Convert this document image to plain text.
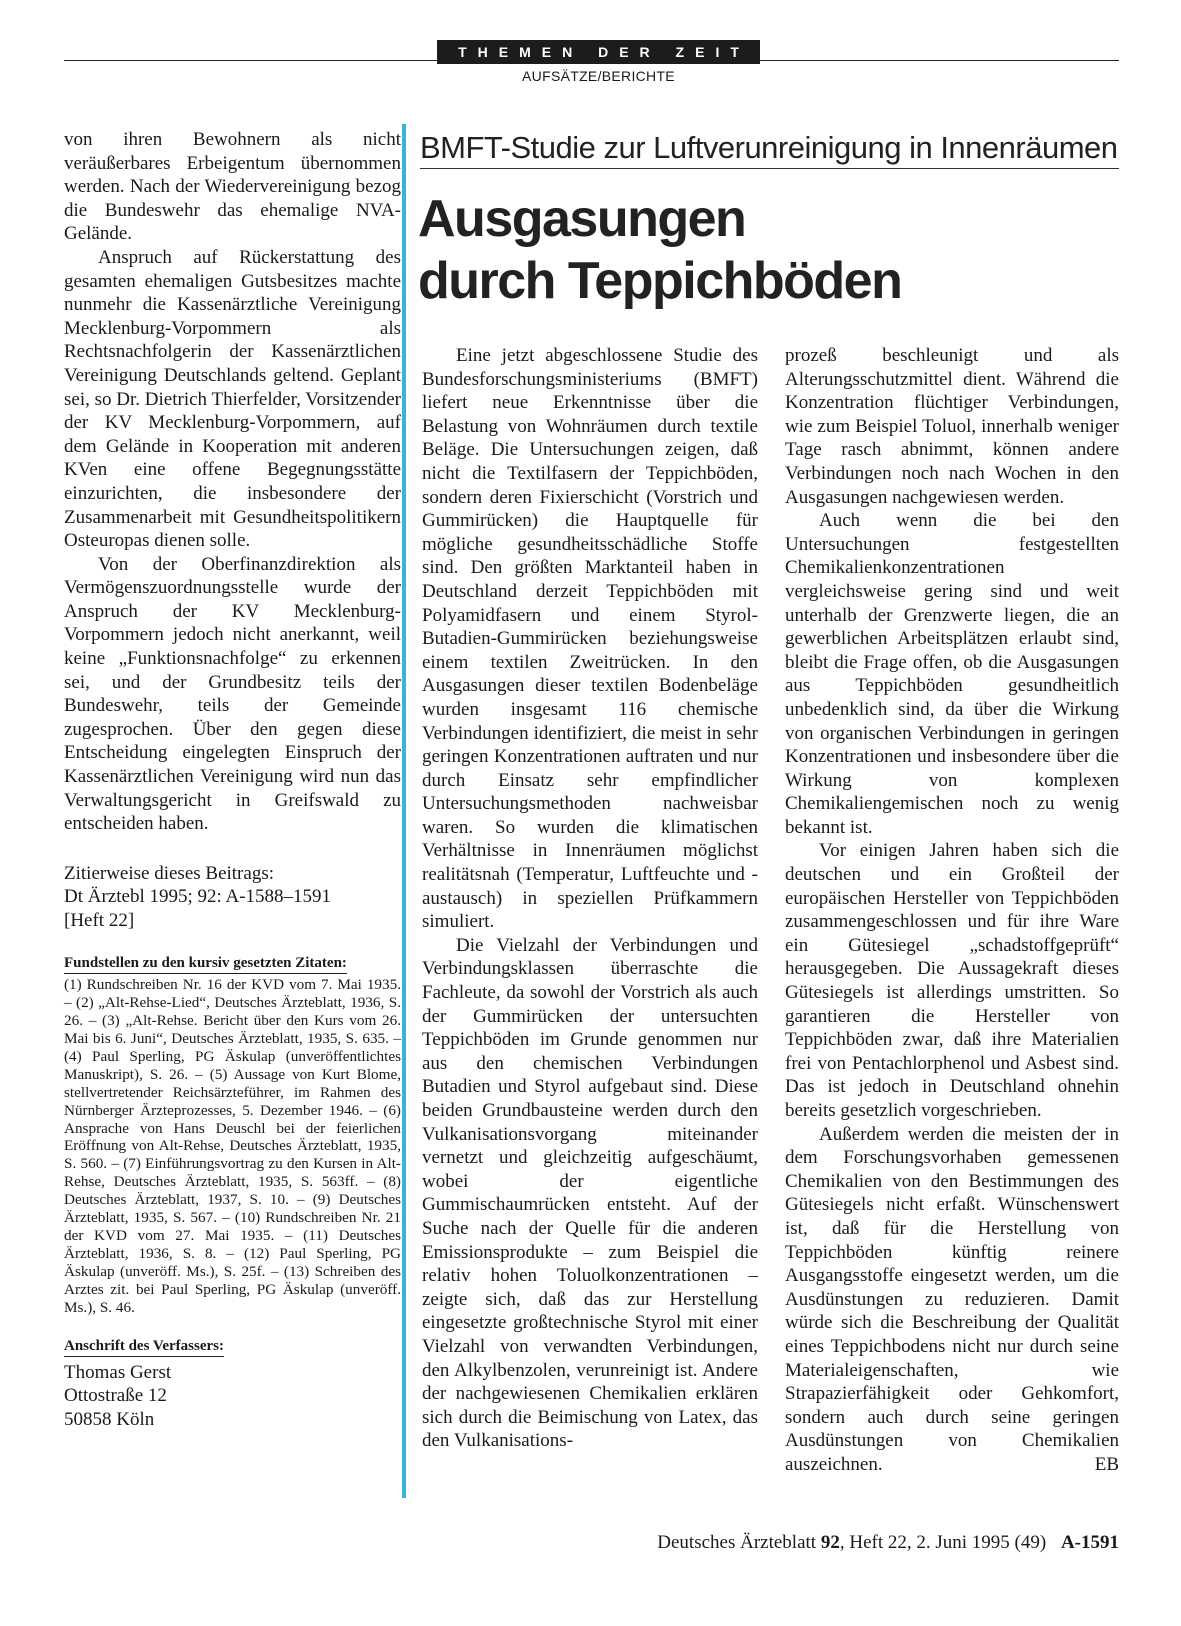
THEMEN DER ZEIT
AUFSÄTZE/BERICHTE

von ihren Bewohnern als nicht veräußerbares Erbeigentum übernommen werden. Nach der Wiedervereinigung bezog die Bundeswehr das ehemalige NVA-Gelände.

Anspruch auf Rückerstattung des gesamten ehemaligen Gutsbesitzes machte nunmehr die Kassenärztliche Vereinigung Mecklenburg-Vorpommern als Rechtsnachfolgerin der Kassenärztlichen Vereinigung Deutschlands geltend. Geplant sei, so Dr. Dietrich Thierfelder, Vorsitzender der KV Mecklenburg-Vorpommern, auf dem Gelände in Kooperation mit anderen KVen eine offene Begegnungsstätte einzurichten, die insbesondere der Zusammenarbeit mit Gesundheitspolitikern Osteuropas dienen solle.

Von der Oberfinanzdirektion als Vermögenszuordnungsstelle wurde der Anspruch der KV Mecklenburg-Vorpommern jedoch nicht anerkannt, weil keine „Funktionsnachfolge“ zu erkennen sei, und der Grundbesitz teils der Bundeswehr, teils der Gemeinde zugesprochen. Über den gegen diese Entscheidung eingelegten Einspruch der Kassenärztlichen Vereinigung wird nun das Verwaltungsgericht in Greifswald zu entscheiden haben.

Zitierweise dieses Beitrags:
Dt Ärztebl 1995; 92: A-1588–1591
[Heft 22]
Fundstellen zu den kursiv gesetzten Zitaten:
(1) Rundschreiben Nr. 16 der KVD vom 7. Mai 1935. – (2) „Alt-Rehse-Lied“, Deutsches Ärzteblatt, 1936, S. 26. – (3) „Alt-Rehse. Bericht über den Kurs vom 26. Mai bis 6. Juni“, Deutsches Ärzteblatt, 1935, S. 635. – (4) Paul Sperling, PG Äskulap (unveröffentlichtes Manuskript), S. 26. – (5) Aussage von Kurt Blome, stellvertretender Reichsärzteführer, im Rahmen des Nürnberger Ärzteprozesses, 5. Dezember 1946. – (6) Ansprache von Hans Deuschl bei der feierlichen Eröffnung von Alt-Rehse, Deutsches Ärzteblatt, 1935, S. 560. – (7) Einführungsvortrag zu den Kursen in Alt-Rehse, Deutsches Ärzteblatt, 1935, S. 563ff. – (8) Deutsches Ärzteblatt, 1937, S. 10. – (9) Deutsches Ärzteblatt, 1935, S. 567. – (10) Rundschreiben Nr. 21 der KVD vom 27. Mai 1935. – (11) Deutsches Ärzteblatt, 1936, S. 8. – (12) Paul Sperling, PG Äskulap (unveröff. Ms.), S. 25f. – (13) Schreiben des Arztes zit. bei Paul Sperling, PG Äskulap (unveröff. Ms.), S. 46.
Anschrift des Verfassers:
Thomas Gerst
Ottostraße 12
50858 Köln
BMFT-Studie zur Luftverunreinigung in Innenräumen
Ausgasungen
durch Teppichböden

Eine jetzt abgeschlossene Studie des Bundesforschungsministeriums (BMFT) liefert neue Erkenntnisse über die Belastung von Wohnräumen durch textile Beläge. Die Untersuchungen zeigen, daß nicht die Textilfasern der Teppichböden, sondern deren Fixierschicht (Vorstrich und Gummirücken) die Hauptquelle für mögliche gesundheitsschädliche Stoffe sind. Den größten Marktanteil haben in Deutschland derzeit Teppichböden mit Polyamidfasern und einem Styrol-Butadien-Gummirücken beziehungsweise einem textilen Zweitrücken. In den Ausgasungen dieser textilen Bodenbeläge wurden insgesamt 116 chemische Verbindungen identifiziert, die meist in sehr geringen Konzentrationen auftraten und nur durch Einsatz sehr empfindlicher Untersuchungsmethoden nachweisbar waren. So wurden die klimatischen Verhältnisse in Innenräumen möglichst realitätsnah (Temperatur, Luftfeuchte und -austausch) in speziellen Prüfkammern simuliert.

Die Vielzahl der Verbindungen und Verbindungsklassen überraschte die Fachleute, da sowohl der Vorstrich als auch der Gummirücken der untersuchten Teppichböden im Grunde genommen nur aus den chemischen Verbindungen Butadien und Styrol aufgebaut sind. Diese beiden Grundbausteine werden durch den Vulkanisationsvorgang miteinander vernetzt und gleichzeitig aufgeschäumt, wobei der eigentliche Gummischaumrücken entsteht. Auf der Suche nach der Quelle für die anderen Emissionsprodukte – zum Beispiel die relativ hohen Toluolkonzentrationen – zeigte sich, daß das zur Herstellung eingesetzte großtechnische Styrol mit einer Vielzahl von verwandten Verbindungen, den Alkylbenzolen, verunreinigt ist. Andere der nachgewiesenen Chemikalien erklären sich durch die Beimischung von Latex, das den Vulkanisations-

prozeß beschleunigt und als Alterungsschutzmittel dient. Während die Konzentration flüchtiger Verbindungen, wie zum Beispiel Toluol, innerhalb weniger Tage rasch abnimmt, können andere Verbindungen noch nach Wochen in den Ausgasungen nachgewiesen werden.

Auch wenn die bei den Untersuchungen festgestellten Chemikalienkonzentrationen vergleichsweise gering sind und weit unterhalb der Grenzwerte liegen, die an gewerblichen Arbeitsplätzen erlaubt sind, bleibt die Frage offen, ob die Ausgasungen aus Teppichböden gesundheitlich unbedenklich sind, da über die Wirkung von organischen Verbindungen in geringen Konzentrationen und insbesondere über die Wirkung von komplexen Chemikaliengemischen noch zu wenig bekannt ist.

Vor einigen Jahren haben sich die deutschen und ein Großteil der europäischen Hersteller von Teppichböden zusammengeschlossen und für ihre Ware ein Gütesiegel „schadstoffgeprüft“ herausgegeben. Die Aussagekraft dieses Gütesiegels ist allerdings umstritten. So garantieren die Hersteller von Teppichböden zwar, daß ihre Materialien frei von Pentachlorphenol und Asbest sind. Das ist jedoch in Deutschland ohnehin bereits gesetzlich vorgeschrieben.

Außerdem werden die meisten der in dem Forschungsvorhaben gemessenen Chemikalien von den Bestimmungen des Gütesiegels nicht erfaßt. Wünschenswert ist, daß für die Herstellung von Teppichböden künftig reinere Ausgangsstoffe eingesetzt werden, um die Ausdünstungen zu reduzieren. Damit würde sich die Beschreibung der Qualität eines Teppichbodens nicht nur durch seine Materialeigenschaften, wie Strapazierfähigkeit oder Gehkomfort, sondern auch durch seine geringen Ausdünstungen von Chemikalien auszeichnen.	EB
Deutsches Ärzteblatt 92, Heft 22, 2. Juni 1995 (49) A-1591
